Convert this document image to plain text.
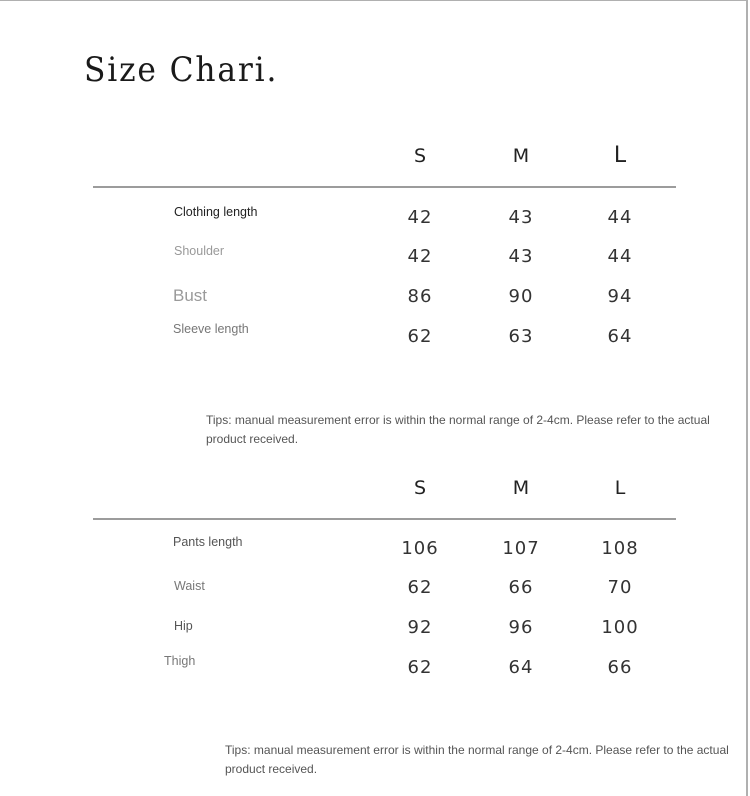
Size Chari.
S	M	L
Clothing length	42	43	44
Shoulder	42	43	44
Bust	86	90	94
Sleeve length	62	63	64
Tips: manual measurement error is within the normal range of 2-4cm. Please refer to the actual product received.
S	M	L
Pants length	106	107	108
Waist	62	66	70
Hip	92	96	100
Thigh	62	64	66
Tips: manual measurement error is within the normal range of 2-4cm. Please refer to the actual product received.
